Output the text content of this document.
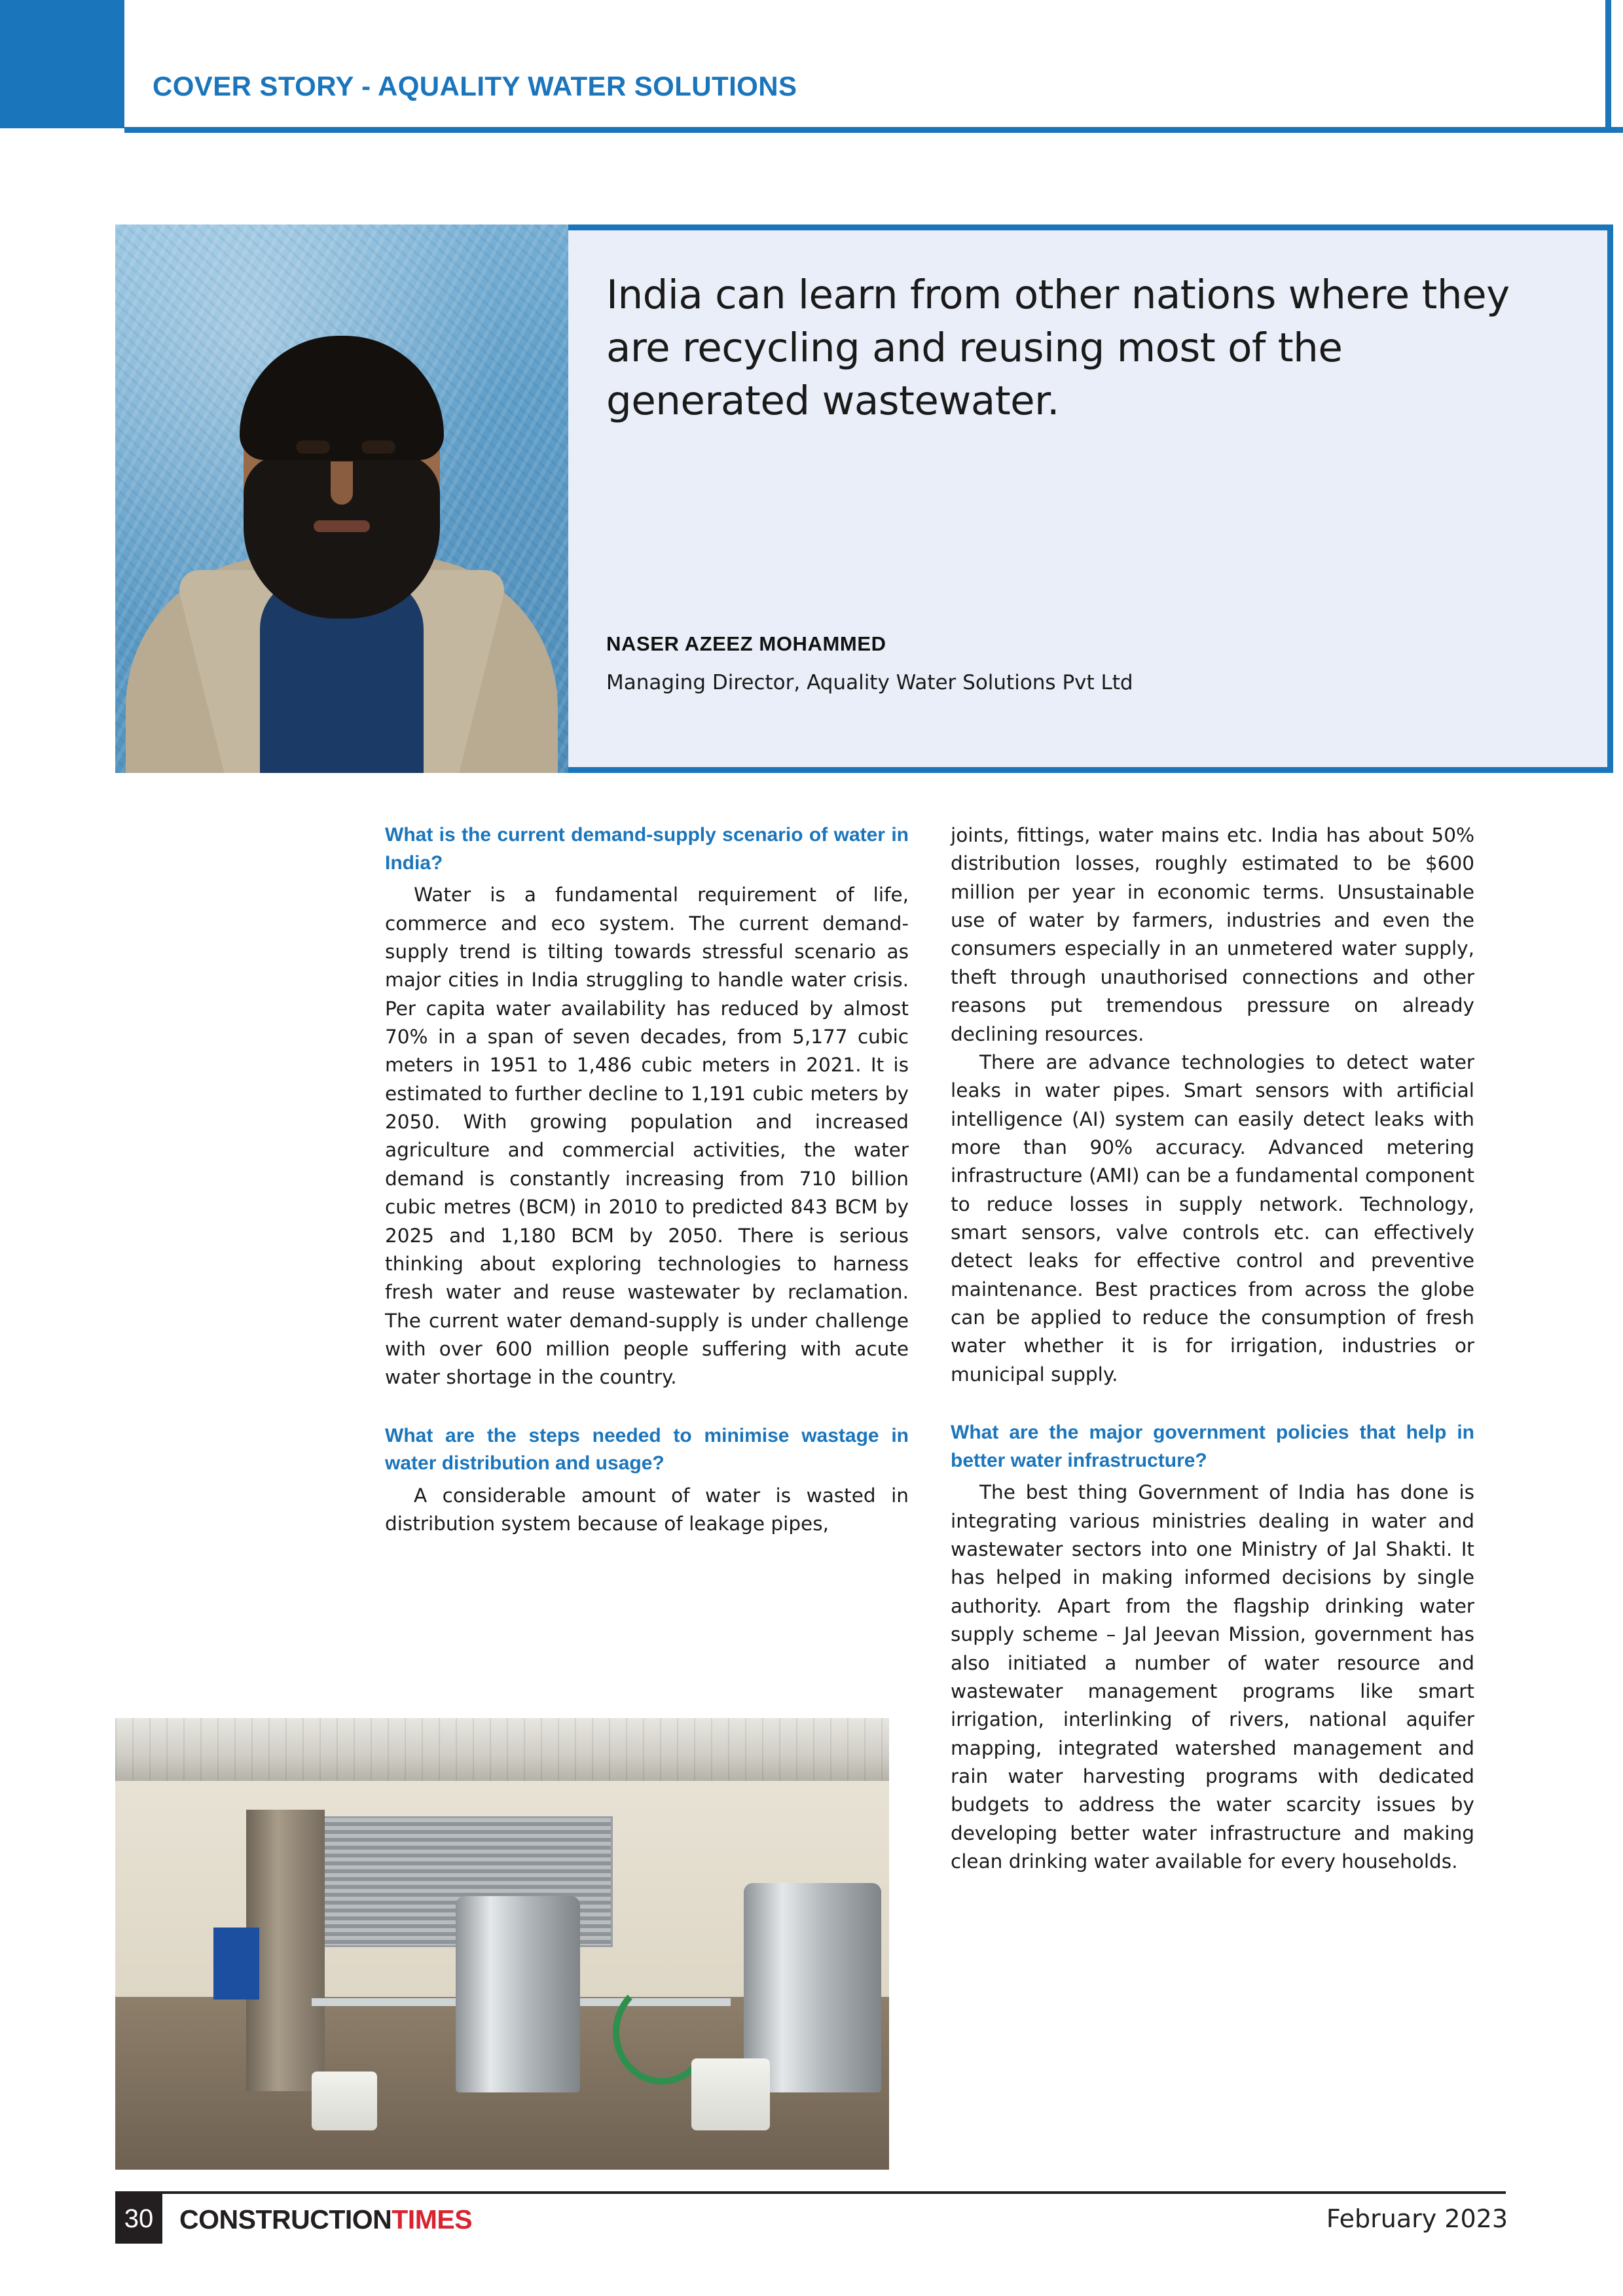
COVER STORY - AQUALITY WATER SOLUTIONS
India can learn from other nations where they are recycling and reusing most of the generated wastewater.
NASER AZEEZ MOHAMMED
Managing Director, Aquality Water Solutions Pvt Ltd
What is the current demand-supply scenario of water in India?
Water is a fundamental requirement of life, commerce and eco system. The current demand-supply trend is tilting towards stressful scenario as major cities in India struggling to handle water crisis. Per capita water availability has reduced by almost 70% in a span of seven decades, from 5,177 cubic meters in 1951 to 1,486 cubic meters in 2021. It is estimated to further decline to 1,191 cubic meters by 2050. With growing population and increased agriculture and commercial activities, the water demand is constantly increasing from 710 billion cubic metres (BCM) in 2010 to predicted 843 BCM by 2025 and 1,180 BCM by 2050. There is serious thinking about exploring technologies to harness fresh water and reuse wastewater by reclamation. The current water demand-supply is under challenge with over 600 million people suffering with acute water shortage in the country.
What are the steps needed to minimise wastage in water distribution and usage?
A considerable amount of water is wasted in distribution system because of leakage pipes,
joints, fittings, water mains etc. India has about 50% distribution losses, roughly estimated to be $600 million per year in economic terms. Unsustainable use of water by farmers, industries and even the consumers especially in an unmetered water supply, theft through unauthorised connections and other reasons put tremendous pressure on already declining resources.
There are advance technologies to detect water leaks in water pipes. Smart sensors with artificial intelligence (AI) system can easily detect leaks with more than 90% accuracy. Advanced metering infrastructure (AMI) can be a fundamental component to reduce losses in supply network. Technology, smart sensors, valve controls etc. can effectively detect leaks for effective control and preventive maintenance. Best practices from across the globe can be applied to reduce the consumption of fresh water whether it is for irrigation, industries or municipal supply.
What are the major government policies that help in better water infrastructure?
The best thing Government of India has done is integrating various ministries dealing in water and wastewater sectors into one Ministry of Jal Shakti. It has helped in making informed decisions by single authority. Apart from the flagship drinking water supply scheme – Jal Jeevan Mission, government has also initiated a number of water resource and wastewater management programs like smart irrigation, interlinking of rivers, national aquifer mapping, integrated watershed management and rain water harvesting programs with dedicated budgets to address the water scarcity issues by developing better water infrastructure and making clean drinking water available for every households.
30 CONSTRUCTIONTIMES	February 2023
